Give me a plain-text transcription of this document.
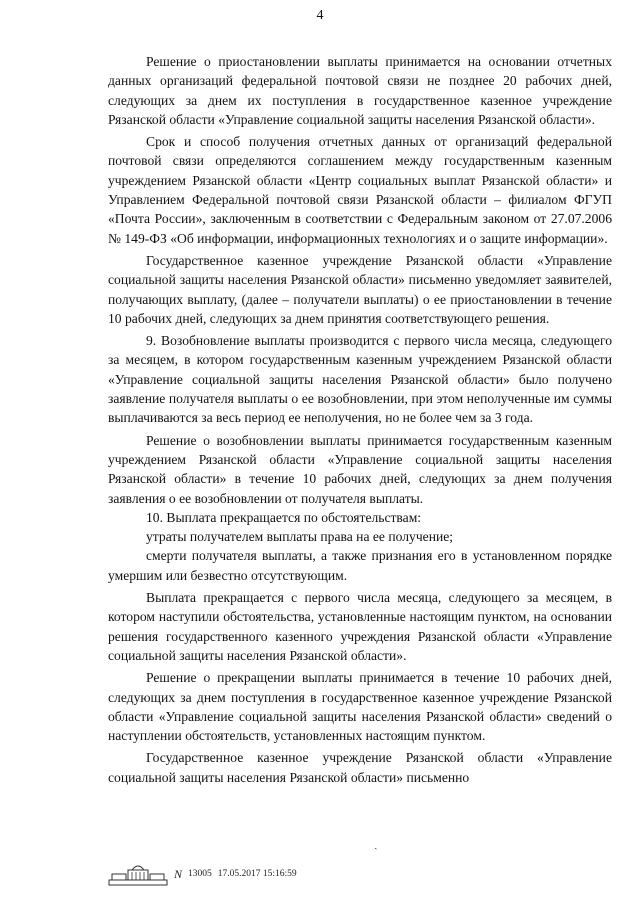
4

Решение о приостановлении выплаты принимается на основании отчетных данных организаций федеральной почтовой связи не позднее 20 рабочих дней, следующих за днем их поступления в государственное казенное учреждение Рязанской области «Управление социальной защиты населения Рязанской области».

Срок и способ получения отчетных данных от организаций федеральной почтовой связи определяются соглашением между государственным казенным учреждением Рязанской области «Центр социальных выплат Рязанской области» и Управлением Федеральной почтовой связи Рязанской области – филиалом ФГУП «Почта России», заключенным в соответствии с Федеральным законом от 27.07.2006 № 149-ФЗ «Об информации, информационных технологиях и о защите информации».

Государственное казенное учреждение Рязанской области «Управление социальной защиты населения Рязанской области» письменно уведомляет заявителей, получающих выплату, (далее – получатели выплаты) о ее приостановлении в течение 10 рабочих дней, следующих за днем принятия соответствующего решения.

9. Возобновление выплаты производится с первого числа месяца, следующего за месяцем, в котором государственным казенным учреждением Рязанской области «Управление социальной защиты населения Рязанской области» было получено заявление получателя выплаты о ее возобновлении, при этом неполученные им суммы выплачиваются за весь период ее неполучения, но не более чем за 3 года.

Решение о возобновлении выплаты принимается государственным казенным учреждением Рязанской области «Управление социальной защиты населения Рязанской области» в течение 10 рабочих дней, следующих за днем получения заявления о ее возобновлении от получателя выплаты.

10. Выплата прекращается по обстоятельствам:

утраты получателем выплаты права на ее получение;

смерти получателя выплаты, а также признания его в установленном порядке умершим или безвестно отсутствующим.

Выплата прекращается с первого числа месяца, следующего за месяцем, в котором наступили обстоятельства, установленные настоящим пунктом, на основании решения государственного казенного учреждения Рязанской области «Управление социальной защиты населения Рязанской области».

Решение о прекращении выплаты принимается в течение 10 рабочих дней, следующих за днем поступления в государственное казенное учреждение Рязанской области «Управление социальной защиты населения Рязанской области» сведений о наступлении обстоятельств, установленных настоящим пунктом.

Государственное казенное учреждение Рязанской области «Управление социальной защиты населения Рязанской области» письменно

ˎ
N 13005 17.05.2017 15:16:59
